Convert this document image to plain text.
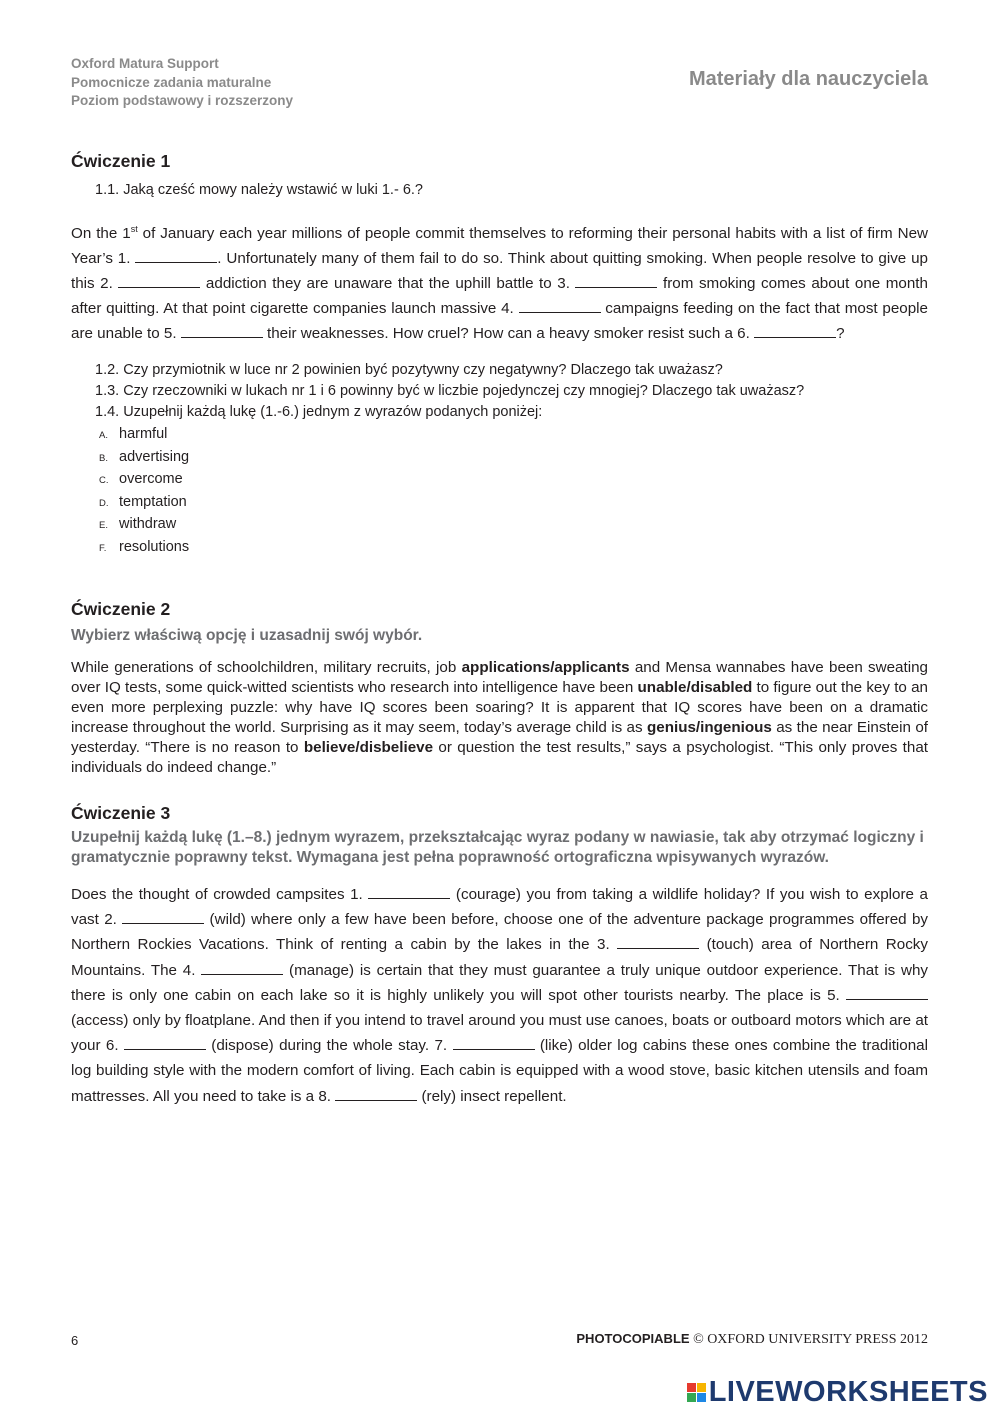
Oxford Matura Support
Pomocnicze zadania maturalne
Poziom podstawowy i rozszerzony
Materiały dla nauczyciela
Ćwiczenie 1
1.1. Jaką cześć mowy należy wstawić w luki 1.- 6.?

On the 1st of January each year millions of people commit themselves to reforming their personal habits with a list of firm New Year’s 1.	. Unfortunately many of them fail to do so. Think about quitting smoking. When people resolve to give up this 2.	addiction they are unaware that the uphill battle to 3.	from smoking comes about one month after quitting. At that point cigarette companies launch massive 4.	campaigns feeding on the fact that most people are unable to 5.	their weaknesses. How cruel? How can a heavy smoker resist such a 6.	?

1.2. Czy przymiotnik w luce nr 2 powinien być pozytywny czy negatywny? Dlaczego tak uważasz?
1.3. Czy rzeczowniki w lukach nr 1 i 6 powinny być w liczbie pojedynczej czy mnogiej? Dlaczego tak uważasz?
1.4. Uzupełnij każdą lukę (1.-6.) jednym z wyrazów podanych poniżej:
A. harmful
B. advertising
C. overcome
D. temptation
E. withdraw
F. resolutions
Ćwiczenie 2
Wybierz właściwą opcję i uzasadnij swój wybór.

While generations of schoolchildren, military recruits, job applications/applicants and Mensa wannabes have been sweating over IQ tests, some quick-witted scientists who research into intelligence have been unable/disabled to figure out the key to an even more perplexing puzzle: why have IQ scores been soaring? It is apparent that IQ scores have been on a dramatic increase throughout the world. Surprising as it may seem, today’s average child is as genius/ingenious as the near Einstein of yesterday. “There is no reason to believe/disbelieve or question the test results,” says a psychologist. “This only proves that individuals do indeed change.”

Ćwiczenie 3
Uzupełnij każdą lukę (1.–8.) jednym wyrazem, przekształcając wyraz podany w nawiasie, tak aby otrzymać logiczny i gramatycznie poprawny tekst. Wymagana jest pełna poprawność ortograficzna wpisywanych wyrazów.

Does the thought of crowded campsites 1.	(courage) you from taking a wildlife holiday? If you wish to explore a vast 2.	(wild) where only a few have been before, choose one of the adventure package programmes offered by Northern Rockies Vacations. Think of renting a cabin by the lakes in the 3.	(touch) area of Northern Rocky Mountains. The 4.	(manage) is certain that they must guarantee a truly unique outdoor experience. That is why there is only one cabin on each lake so it is highly unlikely you will spot other tourists nearby. The place is 5.  (access) only by floatplane. And then if you intend to travel around you must use canoes, boats or outboard motors which are at your 6.	(dispose) during the whole stay. 7.	(like) older log cabins these ones combine the traditional log building style with the modern comfort of living. Each cabin is equipped with a wood stove, basic kitchen utensils and foam mattresses. All you need to take is a 8.	(rely) insect repellent.

6	PHOTOCOPIABLE © OXFORD UNIVERSITY PRESS 2012
LIVEWORKSHEETS
